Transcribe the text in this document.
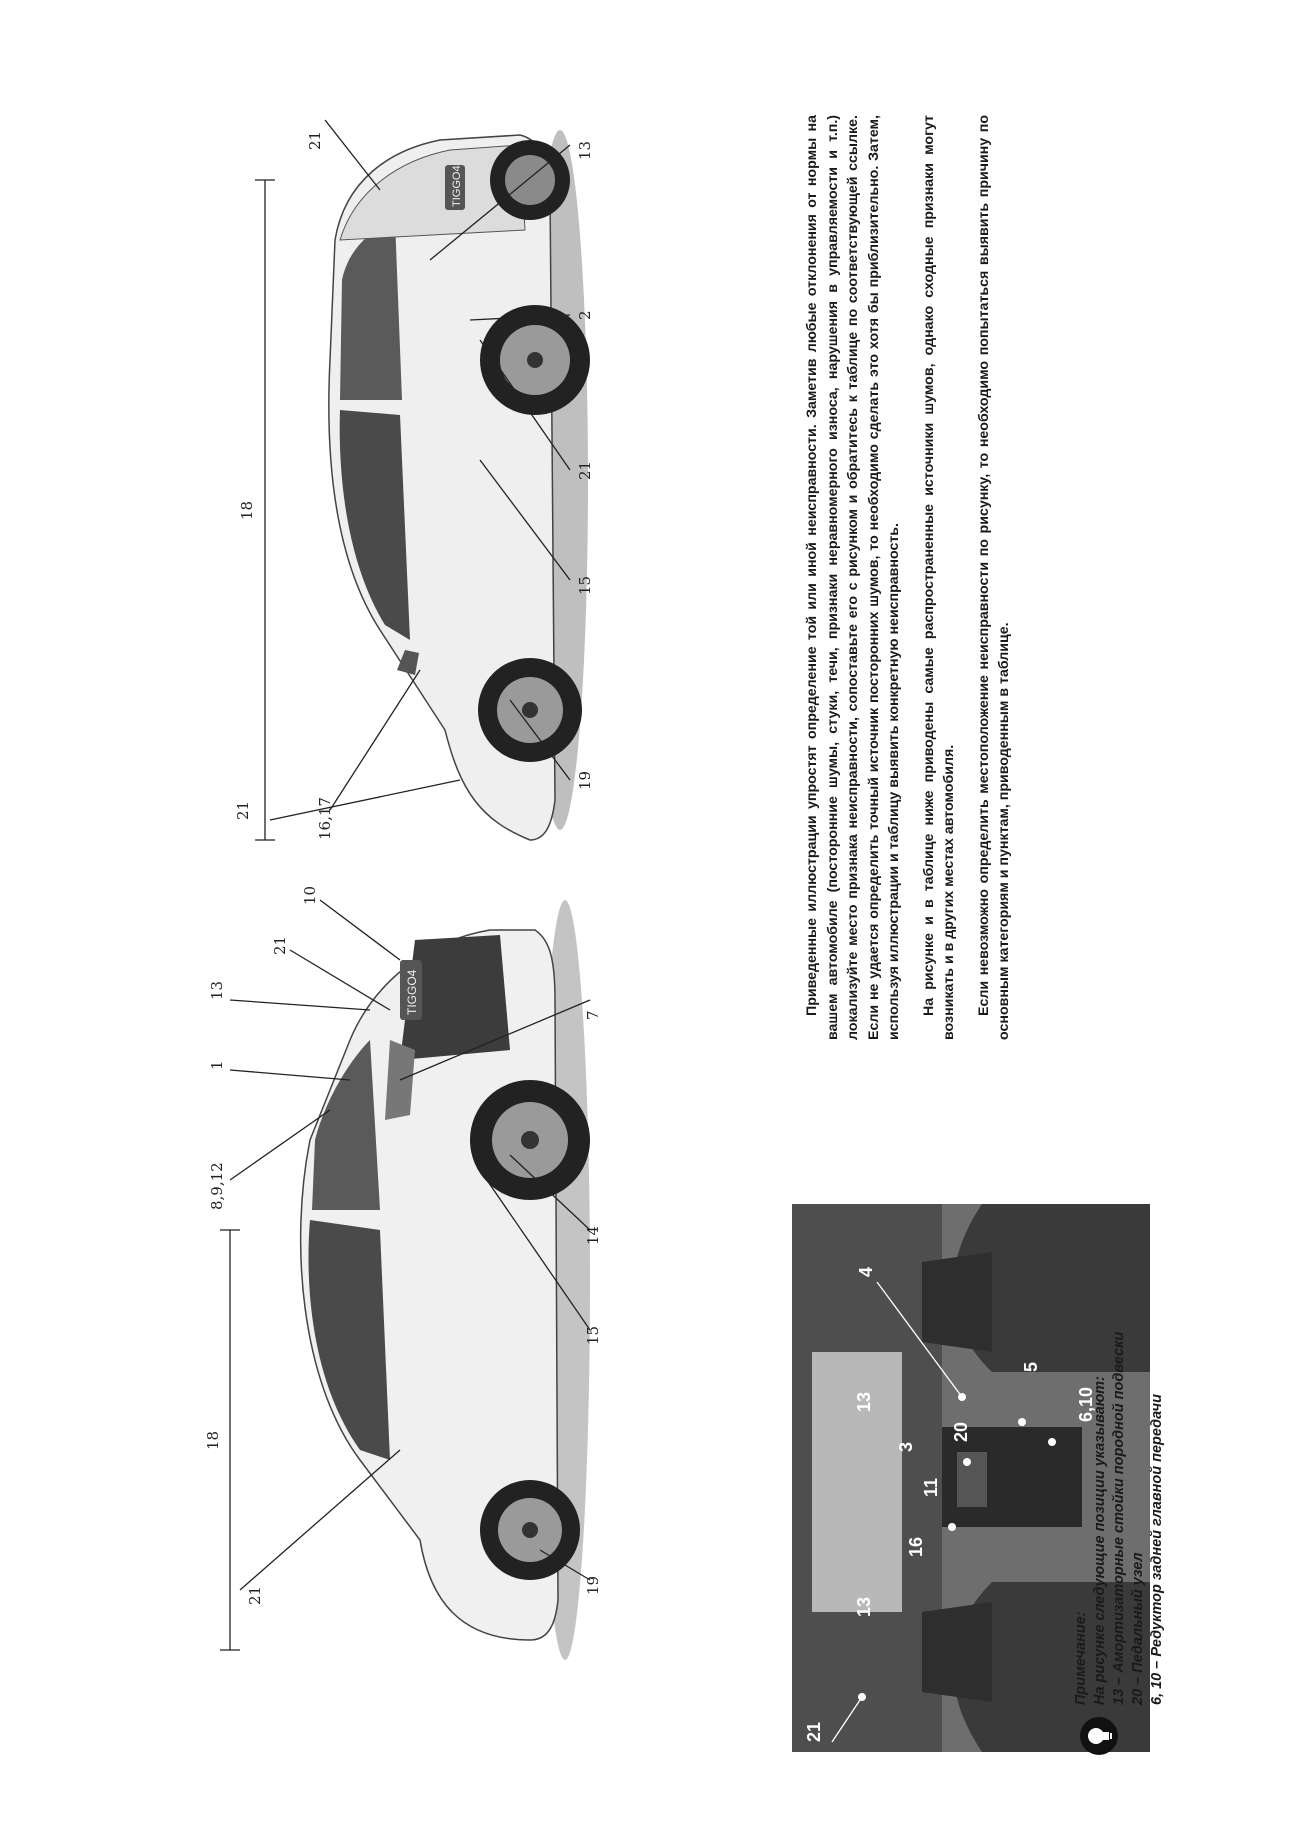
TIGGO4
18
16,17
21
13
2
21
15
19
21
TIGGO4
18
8,9,12
1
13
21
10
7
14
15
19
21
21
13
16
11
20
3
13
4
5
6,10

Приведенные иллюстрации упростят определение той или иной неисправности. Заметив любые отклонения от нормы на вашем автомобиле (посторонние шумы, стуки, течи, признаки неравномерного износа, нарушения в управляемости и т.п.) локализуйте место признака неисправности, сопоставьте его с рисунком и обратитесь к таблице по соответствующей ссылке. Если не удается определить точный источник посторонних шумов, то необходимо сделать это хотя бы приблизительно. Затем, используя иллюстрации и таблицу выявить конкретную неисправность. На рисунке и в таблице ниже приводены самые распространенные источники шумов, однако сходные признаки могут возникать и в других местах автомобиля. Если невозможно определить местоположение неисправности по рисунку, то необходимо попытаться выявить причину по основным категориям и пунктам, приводенным в таблице.

Примечание: На рисунке следующие позиции указывают: 13 – Амортизаторные стойки порoдной подвески 20 – Педальный узел 6, 10 – Редуктор задней главной передачи
